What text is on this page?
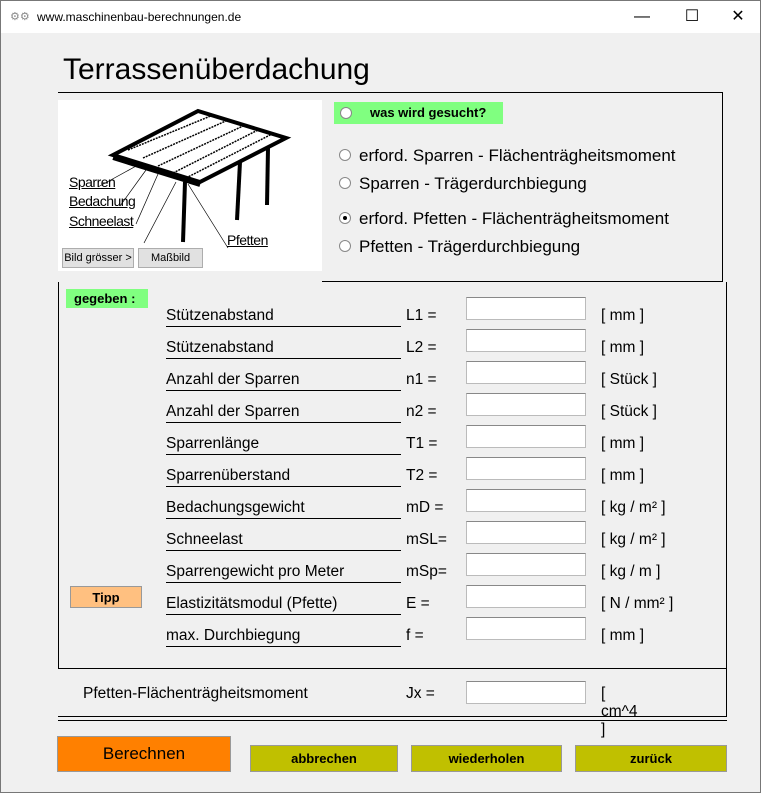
⚙⚙ www.maschinenbau-berechnungen.de	—	☐	✕
Terrassenüberdachung
Sparren
Bedachung
Schneelast
Pfetten
Bild grösser >	Maßbild
was wird gesucht?
erford. Sparren - Flächenträgheitsmoment
Sparren - Trägerdurchbiegung
erford. Pfetten - Flächenträgheitsmoment
Pfetten - Trägerdurchbiegung
gegeben :
Stützenabstand	L1 =	[ mm ]
Stützenabstand	L2 =	[ mm ]
Anzahl der Sparren	n1 =	[ Stück ]
Anzahl der Sparren	n2 =	[ Stück ]
Sparrenlänge	T1 =	[ mm ]
Sparrenüberstand	T2 =	[ mm ]
Bedachungsgewicht	mD =	[ kg / m² ]
Schneelast	mSL=	[ kg / m² ]
Sparrengewicht pro Meter	mSp=	[ kg / m ]
Elastizitätsmodul (Pfette)	E =	[ N / mm² ]
max. Durchbiegung	f =	[ mm ]
Tipp
Pfetten-Flächenträgheitsmoment	Jx =	[ cm^4 ]
Berechnen	abbrechen	wiederholen	zurück
